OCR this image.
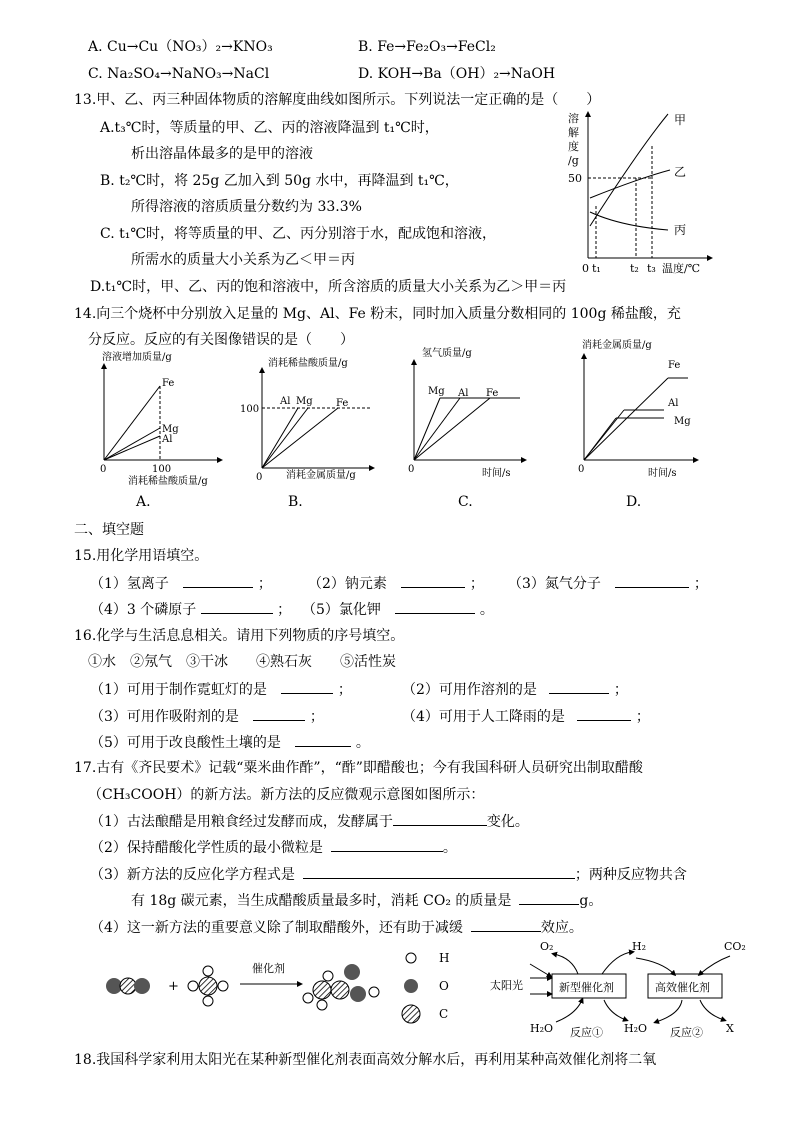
A. Cu→Cu（NO₃）₂→KNO₃	B. Fe→Fe₂O₃→FeCl₂
C. Na₂SO₄→NaNO₃→NaCl	D. KOH→Ba（OH）₂→NaOH
13.甲、乙、丙三种固体物质的溶解度曲线如图所示。下列说法一定正确的是（　　）
A.t₃℃时，等质量的甲、乙、丙的溶液降温到 t₁℃时，
析出溶晶体最多的是甲的溶液
B. t₂℃时，将 25g 乙加入到 50g 水中，再降温到 t₁℃，
所得溶液的溶质质量分数约为 33.3%
C. t₁℃时，将等质量的甲、乙、丙分别溶于水，配成饱和溶液，
所需水的质量大小关系为乙＜甲＝丙
D.t₁℃时，甲、乙、丙的饱和溶液中，所含溶质的质量大小关系为乙＞甲＝丙
溶
解
度
/g
50
甲
乙
丙
0 t₁	t₂ t₃ 温度/℃
14.向三个烧杯中分别放入足量的 Mg、Al、Fe 粉末，同时加入质量分数相同的 100g 稀盐酸，充
分反应。反应的有关图像错误的是（　　）
溶液增加质量/g
Fe
Mg
Al
0	100
消耗稀盐酸质量/g
A.
消耗稀盐酸质量/g
100
Al Mg Fe
0 消耗金属质量/g
B.
氢气质量/g
Mg Al Fe
0	时间/s
C.
消耗金属质量/g
Fe
Al
Mg
0	时间/s
D.
二、填空题
15.用化学用语填空。
（1）氢离子	；	（2）钠元素	； （3）氮气分子	；
（4）3 个磷原子	； （5）氯化钾	。
16.化学与生活息息相关。请用下列物质的序号填空。
①水　②氖气　③干冰　　④熟石灰　　⑤活性炭
（1）可用于制作霓虹灯的是	；	（2）可用作溶剂的是	；
（3）可用作吸附剂的是	；	（4）可用于人工降雨的是	；
（5）可用于改良酸性土壤的是	。
17.古有《齐民要术》记载“粟米曲作酢”，“酢”即醋酸也；今有我国科研人员研究出制取醋酸
（CH₃COOH）的新方法。新方法的反应微观示意图如图所示：
（1）古法酿醋是用粮食经过发酵而成，发酵属于	变化。
（2）保持醋酸化学性质的最小微粒是	。
（3）新方法的反应化学方程式是	；两种反应物共含
有 18g 碳元素，当生成醋酸质量最多时，消耗 CO₂ 的质量是	g。
（4）这一新方法的重要意义除了制取醋酸外，还有助于减缓	效应。
+
催化剂
H
O
C
O₂	H₂	CO₂
太阳光	新型催化剂	高效催化剂
H₂O 反应① H₂O 反应② X
18.我国科学家利用太阳光在某种新型催化剂表面高效分解水后，再利用某种高效催化剂将二氧
